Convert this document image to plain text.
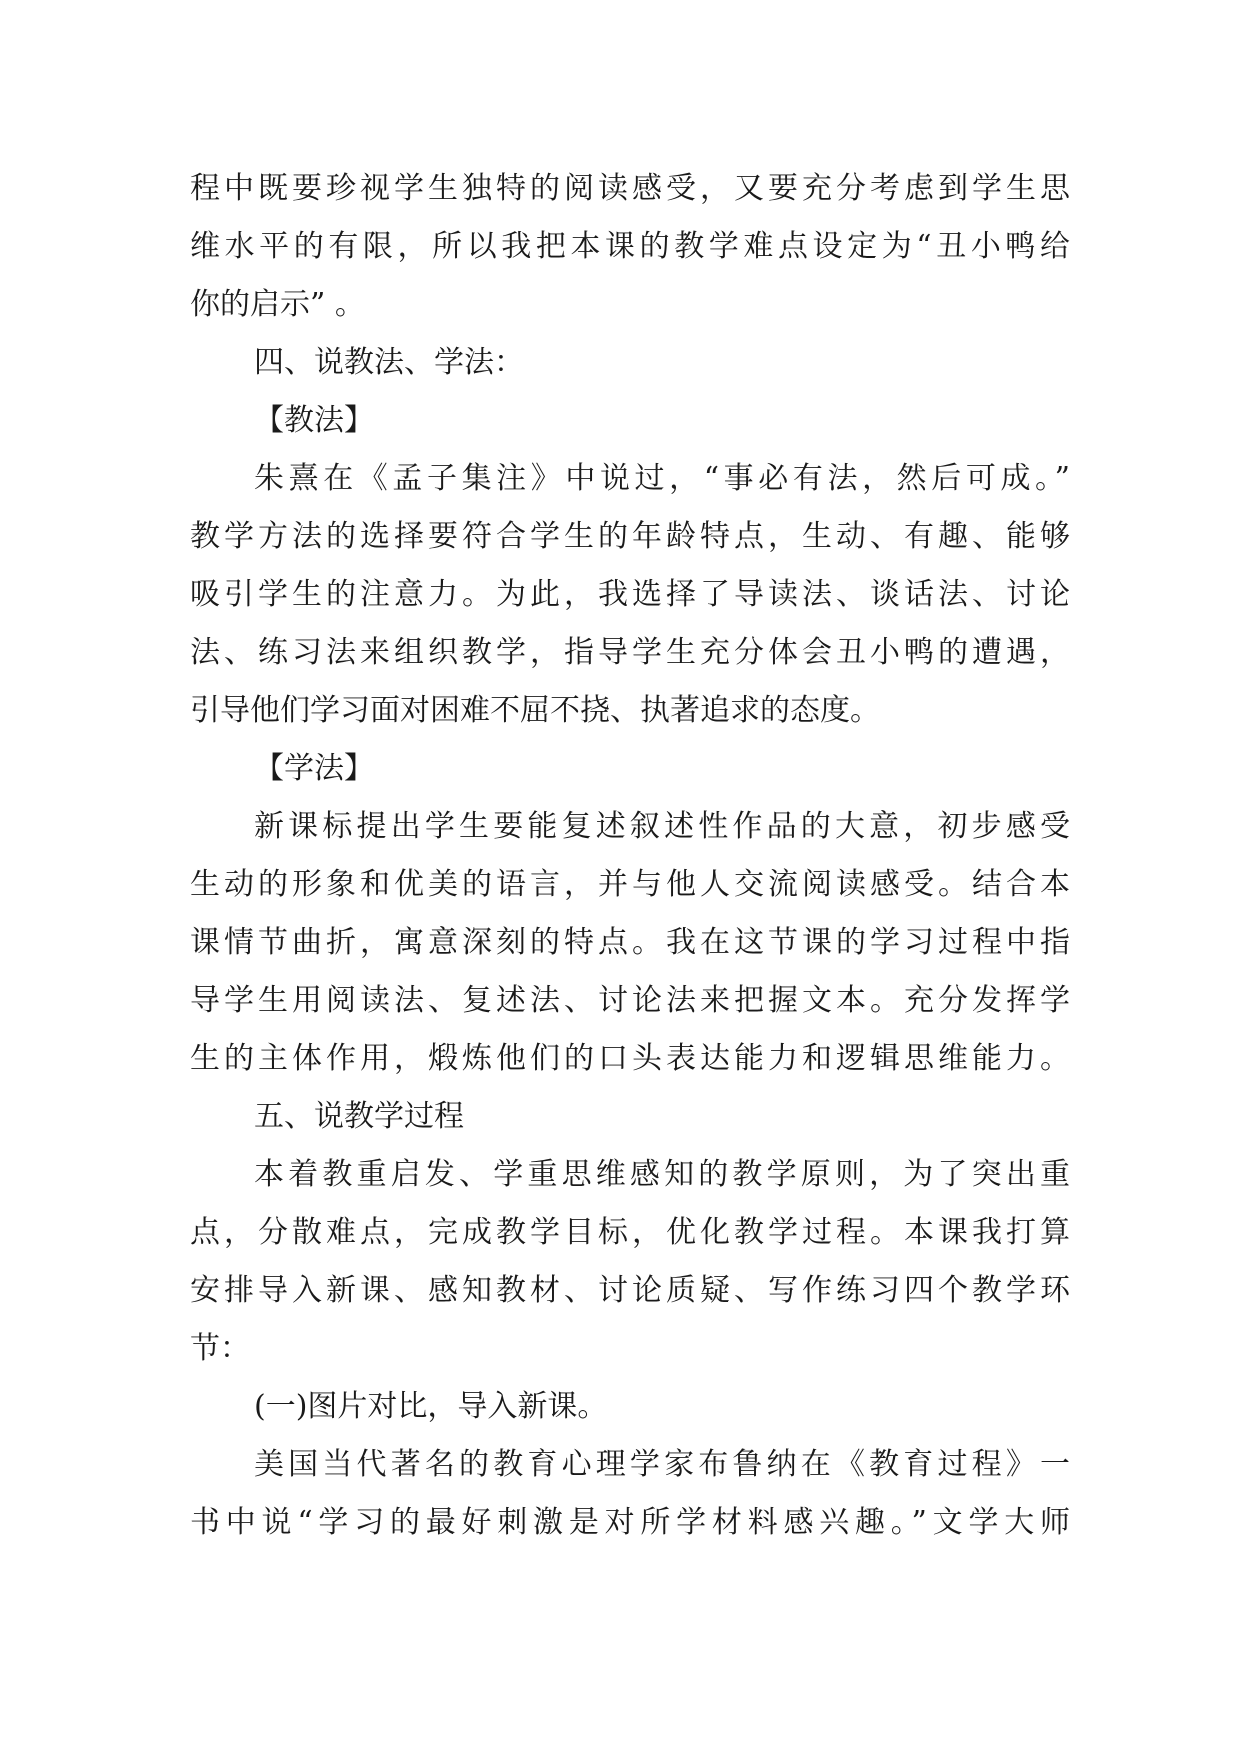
程中既要珍视学生独特的阅读感受，又要充分考虑到学生思
维水平的有限，所以我把本课的教学难点设定为“丑小鸭给
你的启示” 。
四、说教法、学法：
【教法】
朱熹在《孟子集注》中说过，“事必有法，然后可成。”
教学方法的选择要符合学生的年龄特点，生动、有趣、能够
吸引学生的注意力。为此，我选择了导读法、谈话法、讨论
法、练习法来组织教学，指导学生充分体会丑小鸭的遭遇，
引导他们学习面对困难不屈不挠、执著追求的态度。
【学法】
新课标提出学生要能复述叙述性作品的大意，初步感受
生动的形象和优美的语言，并与他人交流阅读感受。结合本
课情节曲折，寓意深刻的特点。我在这节课的学习过程中指
导学生用阅读法、复述法、讨论法来把握文本。充分发挥学
生的主体作用，煅炼他们的口头表达能力和逻辑思维能力。
五、说教学过程
本着教重启发、学重思维感知的教学原则，为了突出重
点，分散难点，完成教学目标，优化教学过程。本课我打算
安排导入新课、感知教材、讨论质疑、写作练习四个教学环
节：
(一)图片对比，导入新课。
美国当代著名的教育心理学家布鲁纳在《教育过程》一
书中说“学习的最好刺激是对所学材料感兴趣。”文学大师
